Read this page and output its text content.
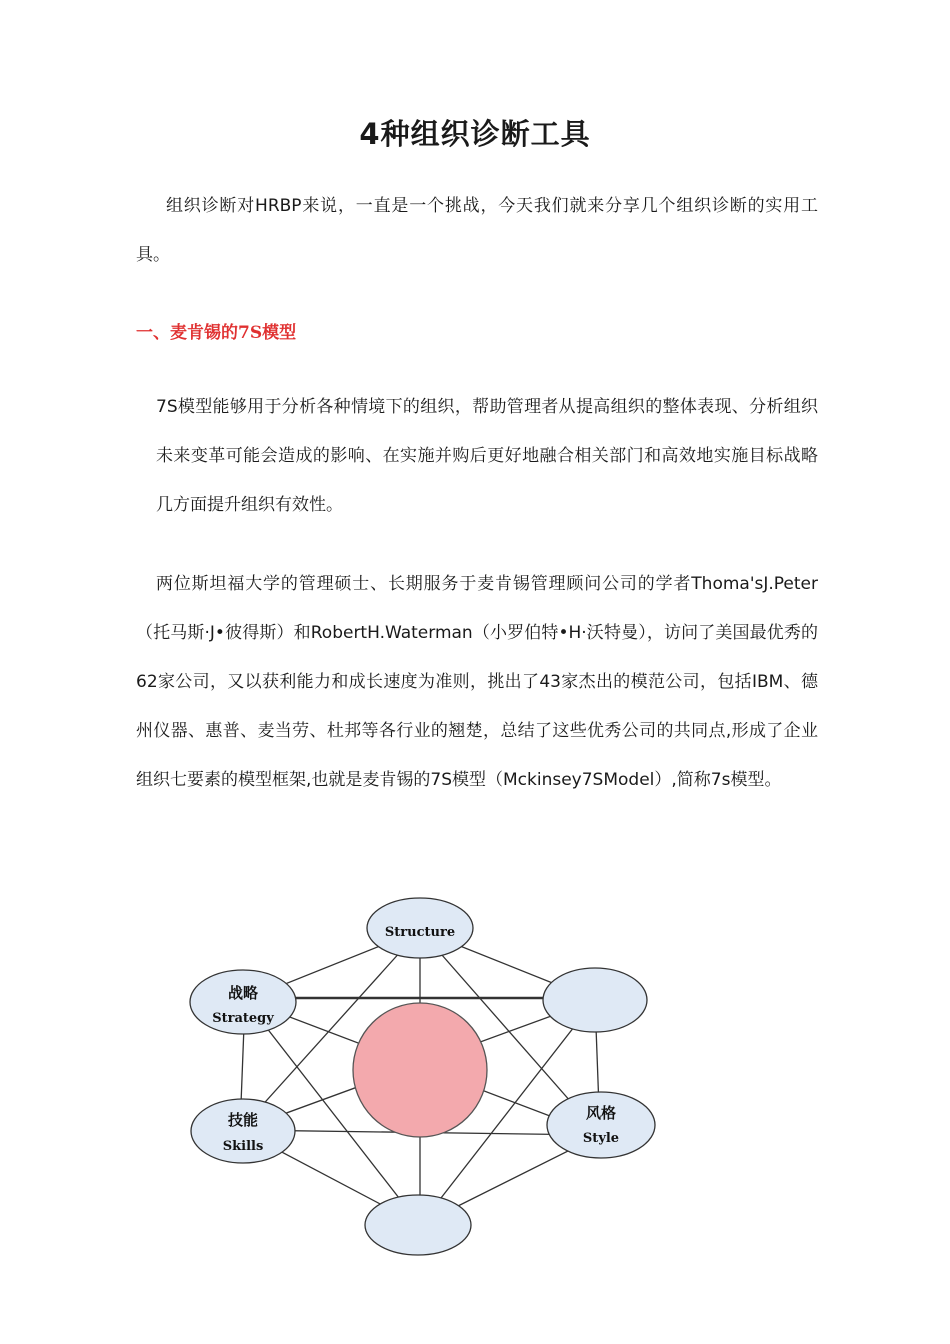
4种组织诊断工具
组织诊断对HRBP来说，一直是一个挑战，今天我们就来分享几个组织诊断的实用工具。
一、麦肯锡的7S模型
7S模型能够用于分析各种情境下的组织，帮助管理者从提高组织的整体表现、分析组织未来变革可能会造成的影响、在实施并购后更好地融合相关部门和高效地实施目标战略几方面提升组织有效性。
两位斯坦福大学的管理硕士、长期服务于麦肯锡管理顾问公司的学者Thoma'sJ.Peter（托马斯·J•彼得斯）和RobertH.Waterman（小罗伯特•H·沃特曼），访问了美国最优秀的62家公司，又以获利能力和成长速度为准则，挑出了43家杰出的模范公司，包括IBM、德州仪器、惠普、麦当劳、杜邦等各行业的翘楚，总结了这些优秀公司的共同点,形成了企业组织七要素的模型框架,也就是麦肯锡的7S模型（Mckinsey7SModel）,简称7s模型。
Structure
战略
Strategy
技能
Skills
风格
Style
